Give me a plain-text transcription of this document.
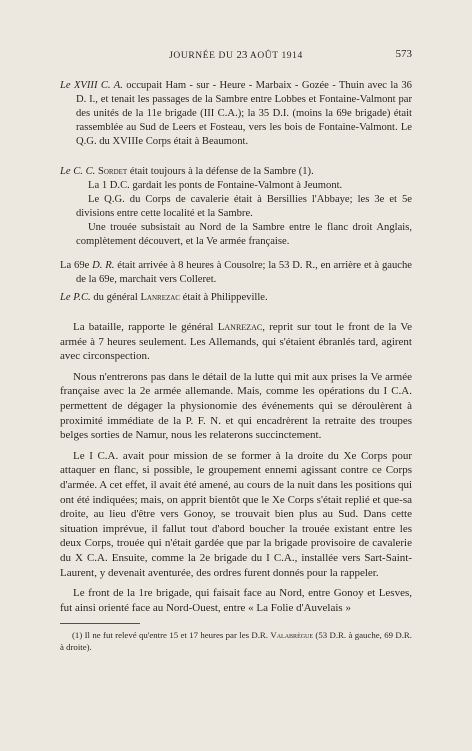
JOURNÉE DU 23 AOÛT 1914	573

Le XVIII C. A. occupait Ham - sur - Heure - Marbaix - Gozée - Thuin avec la 36 D. I., et tenait les passages de la Sambre entre Lobbes et Fontaine-Valmont par des unités de la 11e brigade (III C.A.); la 35 D.I. (moins la 69e brigade) était rassemblée au Sud de Leers et Fosteau, vers les bois de Fontaine-Valmont. Le Q.G. du XVIIIe Corps était à Beaumont.

Le C. C. Sordet était toujours à la défense de la Sambre (1).

La 1 D.C. gardait les ponts de Fontaine-Valmont à Jeumont.

Le Q.G. du Corps de cavalerie était à Bersillies l'Abbaye; les 3e et 5e divisions entre cette localité et la Sambre.

Une trouée subsistait au Nord de la Sambre entre le flanc droit Anglais, complètement découvert, et la Ve armée française.

La 69e D. R. était arrivée à 8 heures à Cousolre; la 53 D. R., en arrière et à gauche de la 69e, marchait vers Colleret.

Le P.C. du général Lanrezac était à Philippeville.

La bataille, rapporte le général Lanrezac, reprit sur tout le front de la Ve armée à 7 heures seulement. Les Allemands, qui s'étaient ébranlés tard, agirent avec circonspection.

Nous n'entrerons pas dans le détail de la lutte qui mit aux prises la Ve armée française avec la 2e armée allemande. Mais, comme les opérations du I C.A. permettent de dégager la physionomie des événements qui se déroulèrent à proximité immédiate de la P. F. N. et qui encadrèrent la retraite des troupes belges sorties de Namur, nous les relaterons succinctement.

Le I C.A. avait pour mission de se former à la droite du Xe Corps pour attaquer en flanc, si possible, le groupement ennemi agissant contre ce Corps d'armée. A cet effet, il avait été amené, au cours de la nuit dans les positions qui ont été indiquées; mais, on apprit bientôt que le Xe Corps s'était replié et que-sa droite, au lieu d'être vers Gonoy, se trouvait bien plus au Sud. Dans cette situation imprévue, il fallut tout d'abord boucher la trouée existant entre les deux Corps, trouée qui n'était gardée que par la brigade provisoire de cavalerie du X C.A. Ensuite, comme la 2e brigade du I C.A., installée vers Sart-Saint-Laurent, y devenait aventurée, des ordres furent donnés pour la rappeler.

Le front de la 1re brigade, qui faisait face au Nord, entre Gonoy et Lesves, fut ainsi orienté face au Nord-Ouest, entre « La Folie d'Auvelais »

(1) Il ne fut relevé qu'entre 15 et 17 heures par les D.R. Valabrègue (53 D.R. à gauche, 69 D.R. à droite).
